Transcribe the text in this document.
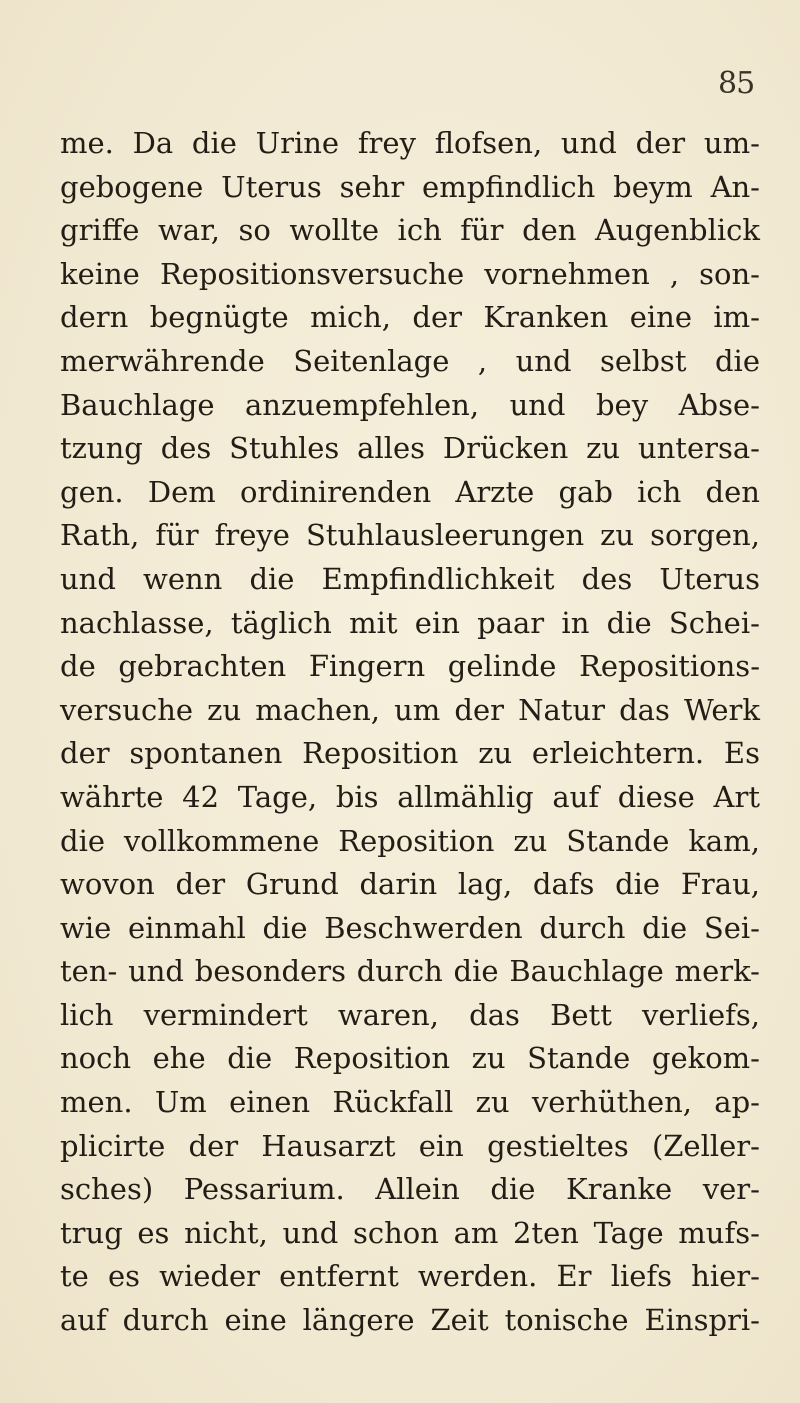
85
me. Da die Urine frey flofsen, und der um-
gebogene Uterus sehr empfindlich beym An-
griffe war, so wollte ich für den Augenblick
keine Repositionsversuche vornehmen , son-
dern begnügte mich, der Kranken eine im-
merwährende Seitenlage , und selbst die
Bauchlage anzuempfehlen, und bey Abse-
tzung des Stuhles alles Drücken zu untersa-
gen. Dem ordinirenden Arzte gab ich den
Rath, für freye Stuhlausleerungen zu sorgen,
und wenn die Empfindlichkeit des Uterus
nachlasse, täglich mit ein paar in die Schei-
de gebrachten Fingern gelinde Repositions-
versuche zu machen, um der Natur das Werk
der spontanen Reposition zu erleichtern. Es
währte 42 Tage, bis allmählig auf diese Art
die vollkommene Reposition zu Stande kam,
wovon der Grund darin lag, dafs die Frau,
wie einmahl die Beschwerden durch die Sei-
ten- und besonders durch die Bauchlage merk-
lich vermindert waren, das Bett verliefs,
noch ehe die Reposition zu Stande gekom-
men. Um einen Rückfall zu verhüthen, ap-
plicirte der Hausarzt ein gestieltes (Zeller-
sches) Pessarium. Allein die Kranke ver-
trug es nicht, und schon am 2ten Tage mufs-
te es wieder entfernt werden. Er liefs hier-
auf durch eine längere Zeit tonische Einspri-
